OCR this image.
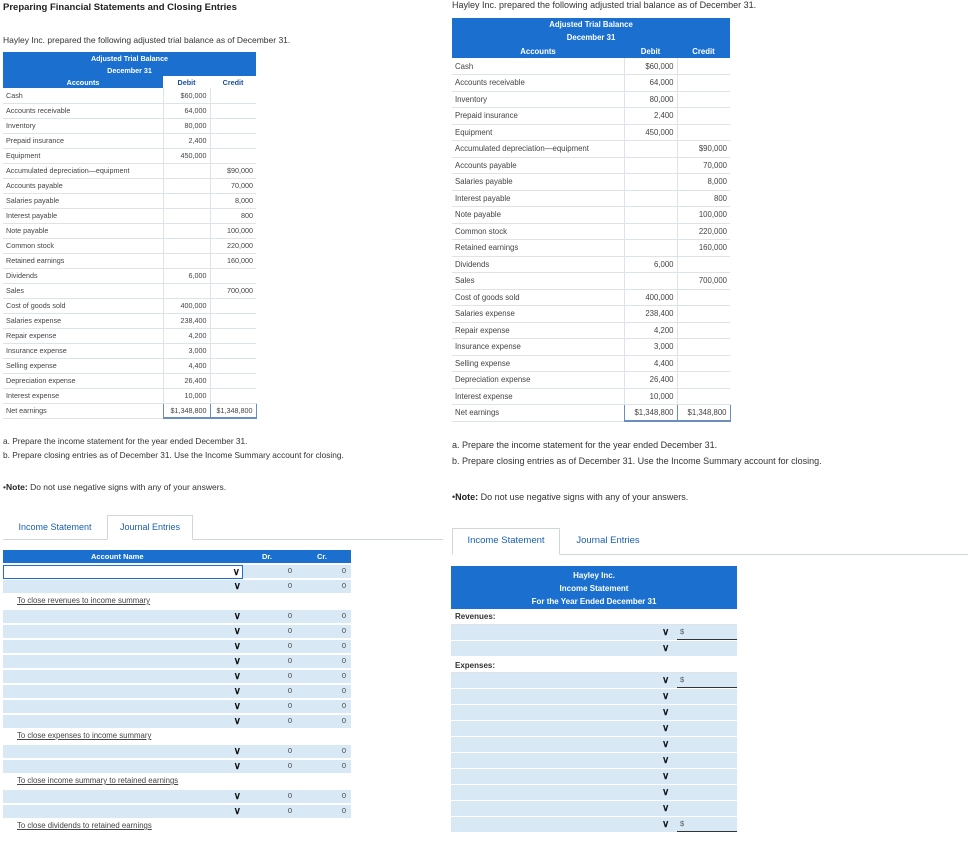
Preparing Financial Statements and Closing Entries
Hayley Inc. prepared the following adjusted trial balance as of December 31.
Adjusted Trial Balance		
December 31		
Accounts	Debit	Credit
Cash	$60,000	
Accounts receivable	64,000	
Inventory	80,000	
Prepaid insurance	2,400	
Equipment	450,000	
Accumulated depreciation—equipment		$90,000
Accounts payable		70,000
Salaries payable		8,000
Interest payable		800
Note payable		100,000
Common stock		220,000
Retained earnings		160,000
Dividends	6,000	
Sales		700,000
Cost of goods sold	400,000	
Salaries expense	238,400	
Repair expense	4,200	
Insurance expense	3,000	
Selling expense	4,400	
Depreciation expense	26,400	
Interest expense	10,000	
Net earnings	$1,348,800	$1,348,800
Hayley Inc. prepared the following adjusted trial balance as of December 31.
Adjusted Trial Balance		
December 31		
Accounts	Debit	Credit
Cash	$60,000	
Accounts receivable	64,000	
Inventory	80,000	
Prepaid insurance	2,400	
Equipment	450,000	
Accumulated depreciation—equipment		$90,000
Accounts payable		70,000
Salaries payable		8,000
Interest payable		800
Note payable		100,000
Common stock		220,000
Retained earnings		160,000
Dividends	6,000	
Sales		700,000
Cost of goods sold	400,000	
Salaries expense	238,400	
Repair expense	4,200	
Insurance expense	3,000	
Selling expense	4,400	
Depreciation expense	26,400	
Interest expense	10,000	
Net earnings	$1,348,800	$1,348,800
a. Prepare the income statement for the year ended December 31.
b. Prepare closing entries as of December 31. Use the Income Summary account for closing.
•Note: Do not use negative signs with any of your answers.
a. Prepare the income statement for the year ended December 31.
b. Prepare closing entries as of December 31. Use the Income Summary account for closing.
•Note: Do not use negative signs with any of your answers.
Income Statement	Journal Entries
Income Statement	Journal Entries
Account Name	Dr.	Cr.
∨	0	0
∨	0	0
∨	0	0
∨	0	0
∨	0	0
∨	0	0
∨	0	0
∨	0	0
∨	0	0
∨	0	0
∨	0	0
∨	0	0
∨	0	0
∨	0	0
To close revenues to income summary
To close expenses to income summary
To close income summary to retained earnings
To close dividends to retained earnings
Hayley Inc.
Income Statement
For the Year Ended December 31
Revenues:
Expenses:
∨ $
∨
∨ $
∨
∨
∨
∨
∨
∨
∨
∨
∨ $
